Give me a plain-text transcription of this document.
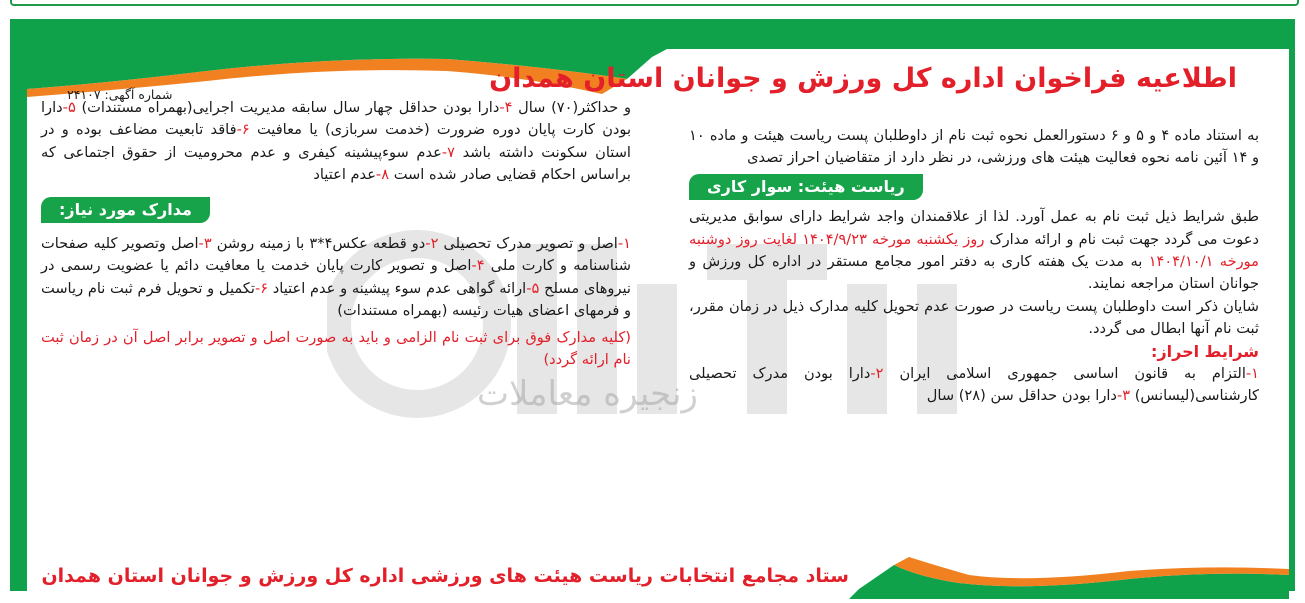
اطلاعیه فراخوان اداره کل ورزش و جوانان استان همدان
شماره آگهی: ۲۴۱۰۷
زنجیره معاملات

به استناد ماده ۴ و ۵ و ۶ دستورالعمل نحوه ثبت نام از داوطلبان پست ریاست هیئت و ماده ۱۰ و ۱۴ آئین نامه نحوه فعالیت هیئت های ورزشی، در نظر دارد از متقاضیان احراز تصدی

ریاست هیئت: سوار کاری

طبق شرایط ذیل ثبت نام به عمل آورد. لذا از علاقمندان واجد شرایط دارای سوابق مدیریتی دعوت می گردد جهت ثبت نام و ارائه مدارک روز یکشنبه مورخه ۱۴۰۴/۹/۲۳ لغایت روز دوشنبه مورخه ۱۴۰۴/۱۰/۱ به مدت یک هفته کاری به دفتر امور مجامع مستقر در اداره کل ورزش و جوانان استان مراجعه نمایند.

شایان ذکر است داوطلبان پست ریاست در صورت عدم تحویل کلیه مدارک ذیل در زمان مقرر، ثبت نام آنها ابطال می گردد.

شرایط احراز:

۱-التزام به قانون اساسی جمهوری اسلامی ایران ۲-دارا بودن مدرک تحصیلی کارشناسی(لیسانس) ۳-دارا بودن حداقل سن (۲۸) سال

و حداکثر(۷۰) سال ۴-دارا بودن حداقل چهار سال سابقه مدیریت اجرایی(بهمراه مستندات) ۵-دارا بودن کارت پایان دوره ضرورت (خدمت سربازی) یا معافیت ۶-فاقد تابعیت مضاعف بوده و در استان سکونت داشته باشد ۷-عدم سوءپیشینه کیفری و عدم محرومیت از حقوق اجتماعی که براساس احکام قضایی صادر شده است ۸-عدم اعتیاد

مدارک مورد نیاز:

۱-اصل و تصویر مدرک تحصیلی ۲-دو قطعه عکس۴*۳ با زمینه روشن ۳-اصل وتصویر کلیه صفحات شناسنامه و کارت ملی ۴-اصل و تصویر کارت پایان خدمت یا معافیت دائم یا عضویت رسمی در نیروهای مسلح ۵-ارائه گواهی عدم سوء پیشینه و عدم اعتیاد ۶-تکمیل و تحویل فرم ثبت نام ریاست و فرمهای اعضای هیات رئیسه (بهمراه مستندات)

(کلیه مدارک فوق برای ثبت نام الزامی و باید به صورت اصل و تصویر برابر اصل آن در زمان ثبت نام ارائه گردد)

ستاد مجامع انتخابات ریاست هیئت های ورزشی اداره کل ورزش و جوانان استان همدان
